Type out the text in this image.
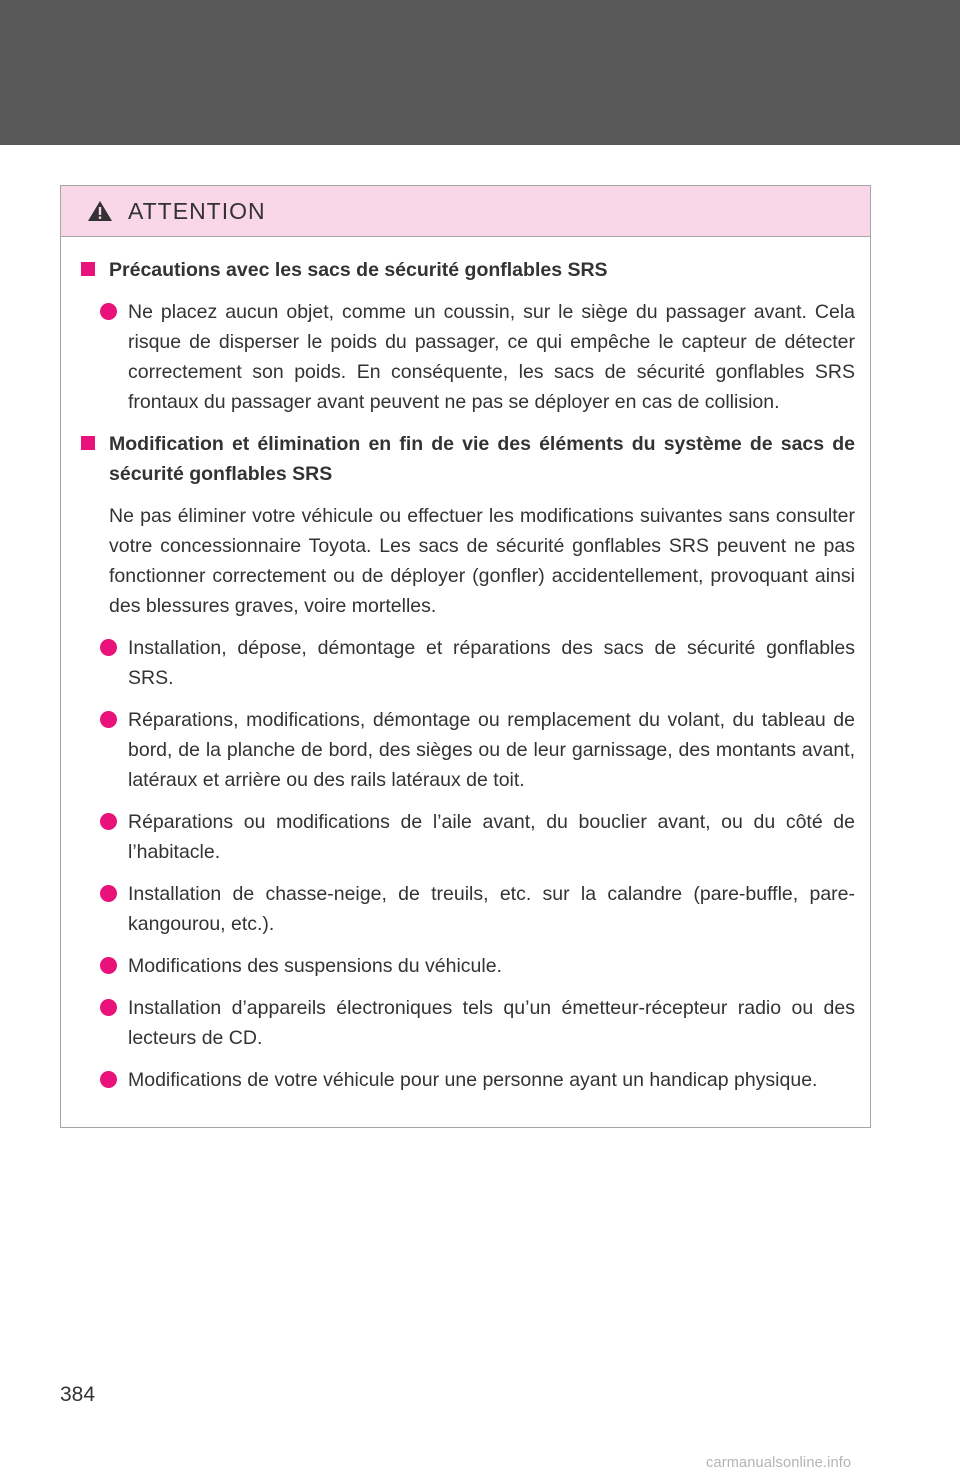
ATTENTION
Précautions avec les sacs de sécurité gonflables SRS
Ne placez aucun objet, comme un coussin, sur le siège du passager avant. Cela risque de disperser le poids du passager, ce qui empêche le capteur de détecter correctement son poids. En conséquente, les sacs de sécurité gonflables SRS frontaux du passager avant peuvent ne pas se déployer en cas de collision.
Modification et élimination en fin de vie des éléments du système de sacs de sécurité gonflables SRS
Ne pas éliminer votre véhicule ou effectuer les modifications suivantes sans consulter votre concessionnaire Toyota. Les sacs de sécurité gonflables SRS peuvent ne pas fonctionner correctement ou de déployer (gonfler) accidentellement, provoquant ainsi des blessures graves, voire mortelles.
Installation, dépose, démontage et réparations des sacs de sécurité gonflables SRS.
Réparations, modifications, démontage ou remplacement du volant, du tableau de bord, de la planche de bord, des sièges ou de leur garnissage, des montants avant, latéraux et arrière ou des rails latéraux de toit.
Réparations ou modifications de l’aile avant, du bouclier avant, ou du côté de l’habitacle.
Installation de chasse-neige, de treuils, etc. sur la calandre (pare-buffle, pare-kangourou, etc.).
Modifications des suspensions du véhicule.
Installation d’appareils électroniques tels qu’un émetteur-récepteur radio ou des lecteurs de CD.
Modifications de votre véhicule pour une personne ayant un handicap physique.
384
carmanualsonline.info
